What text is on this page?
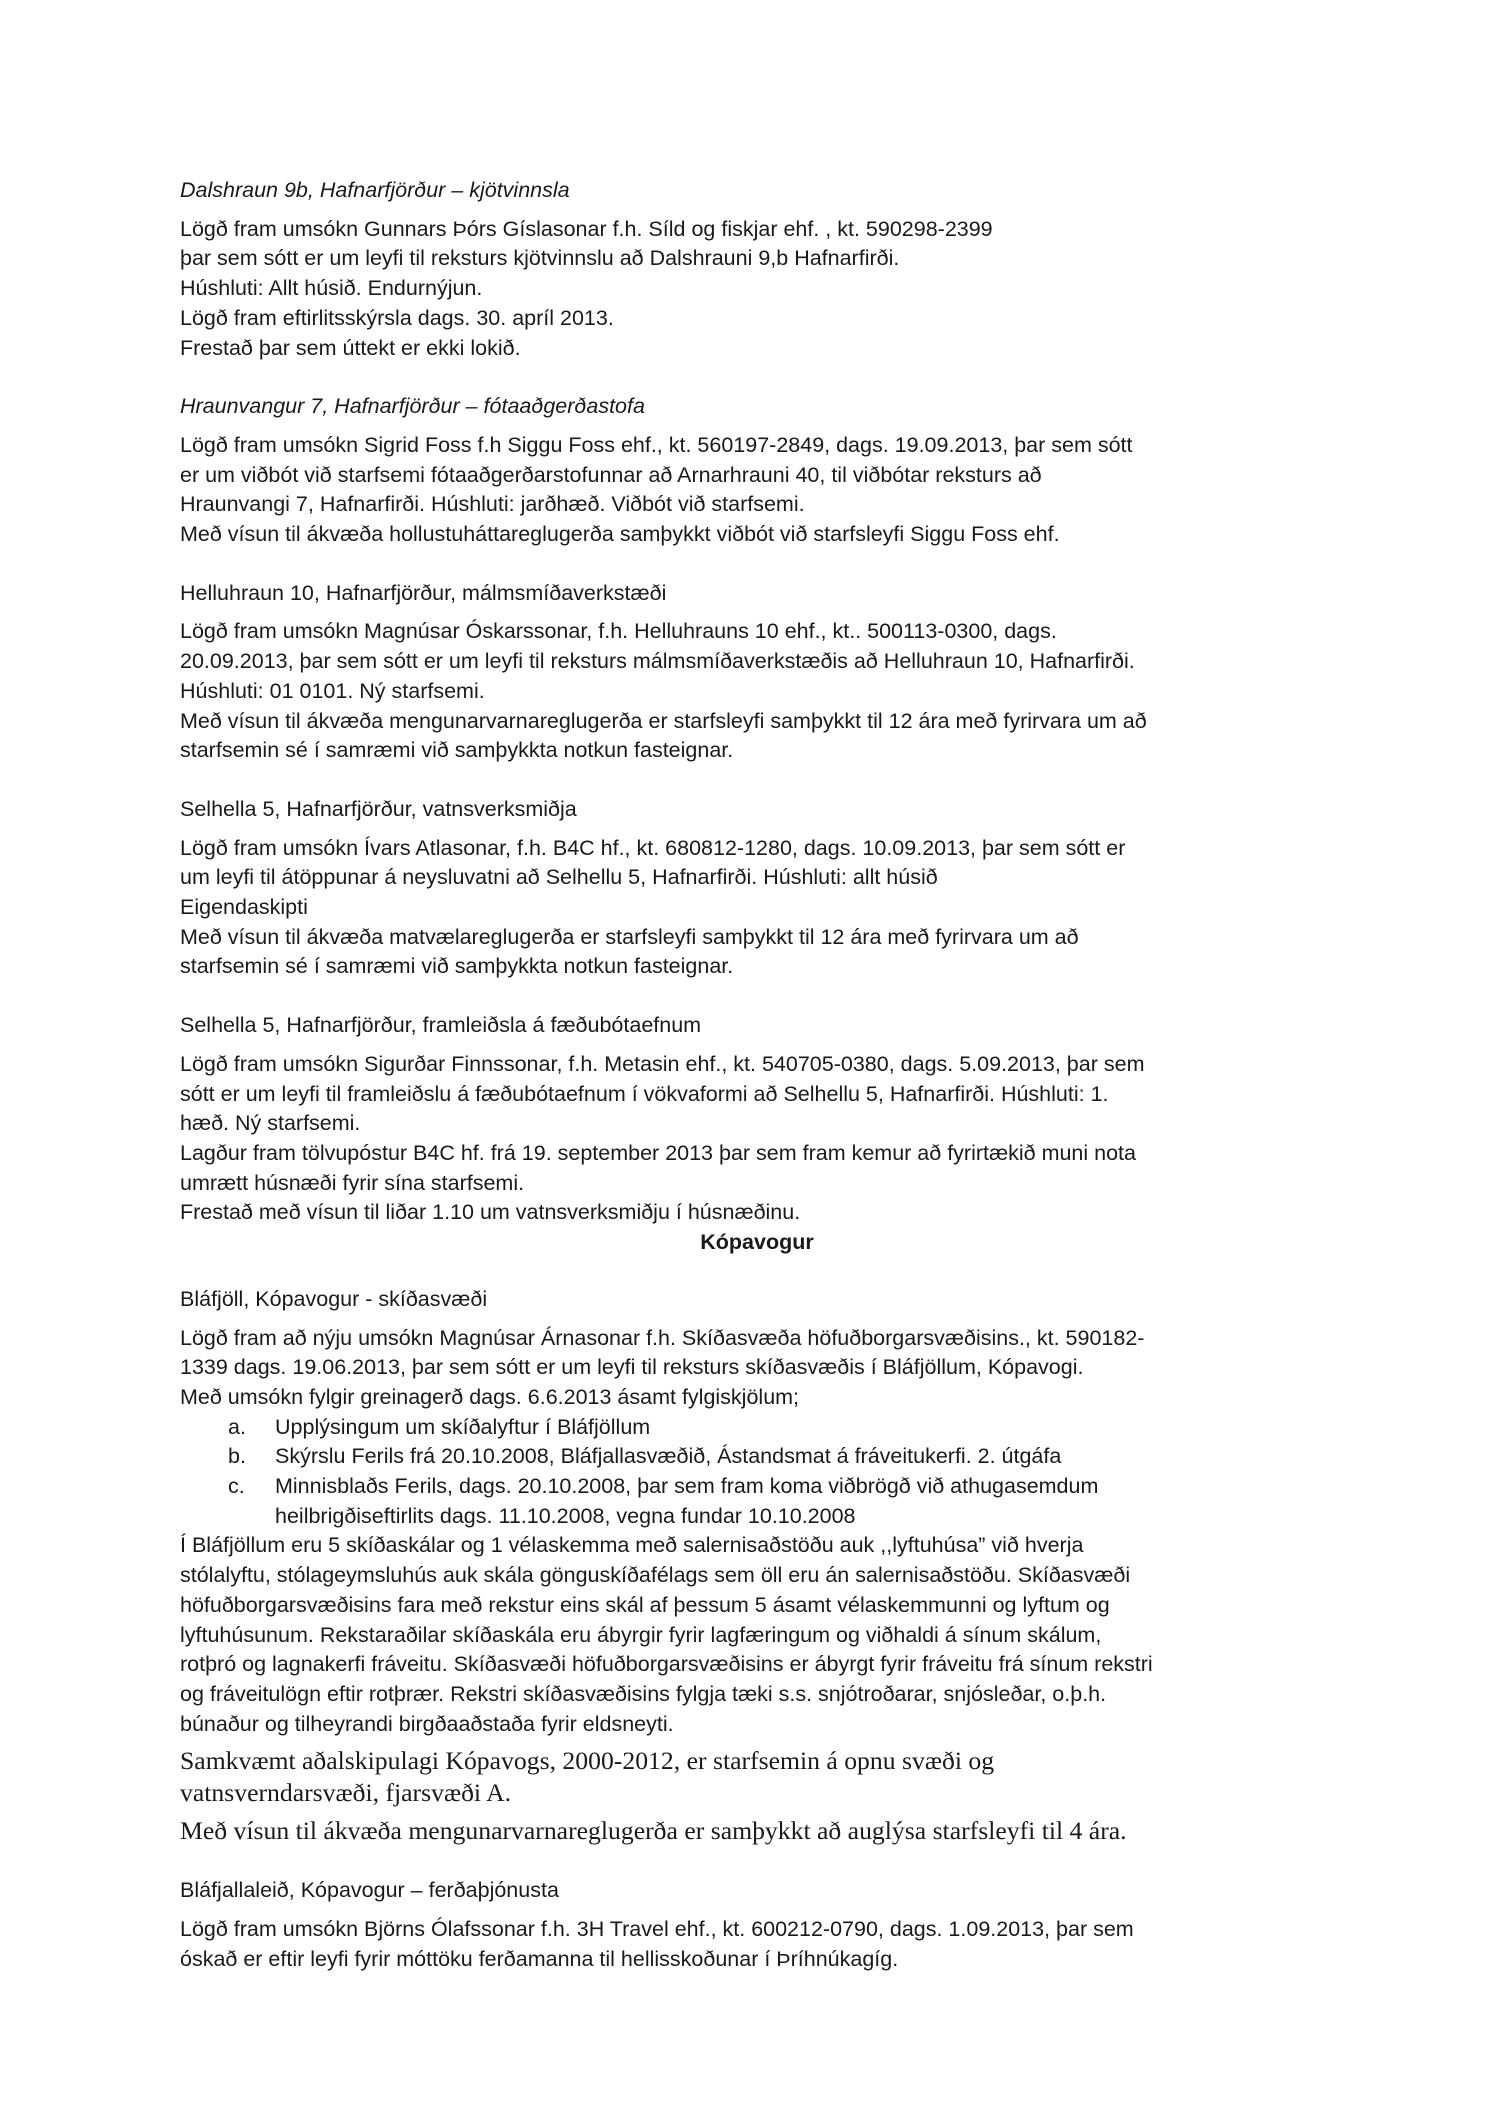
Dalshraun 9b, Hafnarfjörður – kjötvinnsla
Lögð fram umsókn Gunnars Þórs Gíslasonar f.h. Síld og fiskjar ehf. , kt. 590298-2399
þar sem sótt er um leyfi til reksturs kjötvinnslu að Dalshrauni 9,b Hafnarfirði.
Húshluti: Allt húsið. Endurnýjun.
Lögð fram eftirlitsskýrsla dags. 30. apríl 2013.
Frestað þar sem úttekt er ekki lokið.
Hraunvangur 7, Hafnarfjörður – fótaaðgerðastofa
Lögð fram umsókn Sigrid Foss f.h Siggu Foss ehf., kt. 560197-2849, dags. 19.09.2013, þar sem sótt
er um viðbót við starfsemi fótaaðgerðarstofunnar að Arnarhrauni 40, til viðbótar reksturs að
Hraunvangi 7, Hafnarfirði. Húshluti: jarðhæð. Viðbót við starfsemi.
Með vísun til ákvæða hollustuháttareglugerða samþykkt viðbót við starfsleyfi Siggu Foss ehf.
Helluhraun 10, Hafnarfjörður, málmsmíðaverkstæði
Lögð fram umsókn Magnúsar Óskarssonar, f.h. Helluhrauns 10 ehf., kt.. 500113-0300, dags.
20.09.2013, þar sem sótt er um leyfi til reksturs málmsmíðaverkstæðis að Helluhraun 10, Hafnarfirði.
Húshluti: 01 0101. Ný starfsemi.
Með vísun til ákvæða mengunarvarnareglugerða er starfsleyfi samþykkt til 12 ára með fyrirvara um að
starfsemin sé í samræmi við samþykkta notkun fasteignar.
Selhella 5, Hafnarfjörður, vatnsverksmiðja
Lögð fram umsókn Ívars Atlasonar, f.h. B4C hf., kt. 680812-1280, dags. 10.09.2013, þar sem sótt er
um leyfi til átöppunar á neysluvatni að Selhellu 5, Hafnarfirði. Húshluti: allt húsið
Eigendaskipti
Með vísun til ákvæða matvælareglugerða er starfsleyfi samþykkt til 12 ára með fyrirvara um að
starfsemin sé í samræmi við samþykkta notkun fasteignar.
Selhella 5, Hafnarfjörður, framleiðsla á fæðubótaefnum
Lögð fram umsókn Sigurðar Finnssonar, f.h. Metasin ehf., kt. 540705-0380, dags. 5.09.2013, þar sem
sótt er um leyfi til framleiðslu á fæðubótaefnum í vökvaformi að Selhellu 5, Hafnarfirði. Húshluti: 1.
hæð. Ný starfsemi.
Lagður fram tölvupóstur B4C hf. frá 19. september 2013 þar sem fram kemur að fyrirtækið muni nota
umrætt húsnæði fyrir sína starfsemi.
Frestað með vísun til liðar 1.10 um vatnsverksmiðju í húsnæðinu.
Kópavogur
Bláfjöll, Kópavogur - skíðasvæði
Lögð fram að nýju umsókn Magnúsar Árnasonar f.h. Skíðasvæða höfuðborgarsvæðisins., kt. 590182-
1339 dags. 19.06.2013, þar sem sótt er um leyfi til reksturs skíðasvæðis í Bláfjöllum, Kópavogi.
Með umsókn fylgir greinagerð dags. 6.6.2013 ásamt fylgiskjölum;
a.	Upplýsingum um skíðalyftur í Bláfjöllum
b.	Skýrslu Ferils frá 20.10.2008, Bláfjallasvæðið, Ástandsmat á fráveitukerfi. 2. útgáfa
c.	Minnisblaðs Ferils, dags. 20.10.2008, þar sem fram koma viðbrögð við athugasemdum
heilbrigðiseftirlits dags. 11.10.2008, vegna fundar 10.10.2008
Í Bláfjöllum eru 5 skíðaskálar og 1 vélaskemma með salernisaðstöðu auk ,,lyftuhúsa” við hverja
stólalyftu, stólageymsluhús auk skála gönguskíðafélags sem öll eru án salernisaðstöðu. Skíðasvæði
höfuðborgarsvæðisins fara með rekstur eins skál af þessum 5 ásamt vélaskemmunni og lyftum og
lyftuhúsunum. Rekstaraðilar skíðaskála eru ábyrgir fyrir lagfæringum og viðhaldi á sínum skálum,
rotþró og lagnakerfi fráveitu. Skíðasvæði höfuðborgarsvæðisins er ábyrgt fyrir fráveitu frá sínum rekstri
og fráveitulögn eftir rotþrær. Rekstri skíðasvæðisins fylgja tæki s.s. snjótroðarar, snjósleðar, o.þ.h.
búnaður og tilheyrandi birgðaaðstaða fyrir eldsneyti.
Samkvæmt aðalskipulagi Kópavogs, 2000-2012, er starfsemin á opnu svæði og
vatnsverndarsvæði, fjarsvæði A.
Með vísun til ákvæða mengunarvarnareglugerða er samþykkt að auglýsa starfsleyfi til 4 ára.
Bláfjallaleið, Kópavogur – ferðaþjónusta
Lögð fram umsókn Björns Ólafssonar f.h. 3H Travel ehf., kt. 600212-0790, dags. 1.09.2013, þar sem
óskað er eftir leyfi fyrir móttöku ferðamanna til hellisskoðunar í Þríhnúkagíg.
